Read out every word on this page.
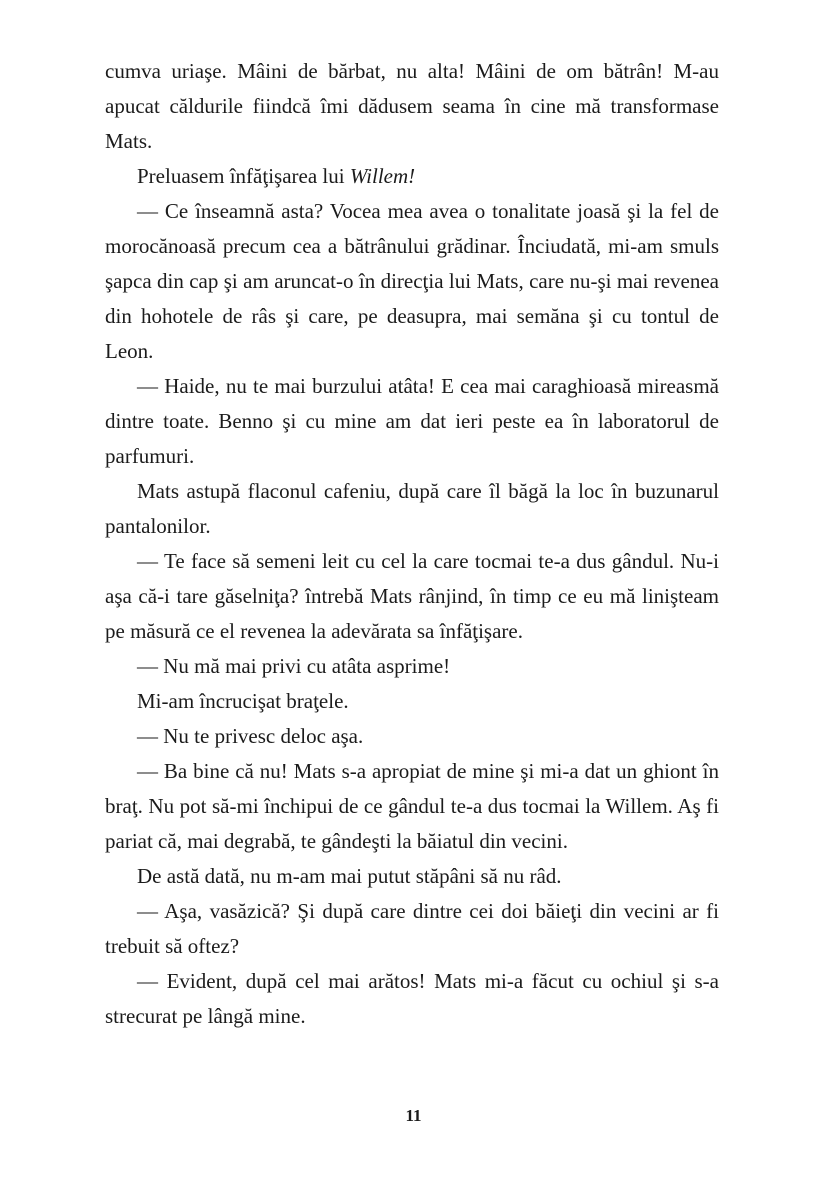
cumva uriaşe. Mâini de bărbat, nu alta! Mâini de om bătrân! M-au apucat căldurile fiindcă îmi dădusem seama în cine mă transformase Mats.

Preluasem înfăţişarea lui Willem!

— Ce înseamnă asta? Vocea mea avea o tonalitate joasă şi la fel de morocănoasă precum cea a bătrânului grădinar. Înciudată, mi-am smuls şapca din cap şi am aruncat-o în direcţia lui Mats, care nu-şi mai revenea din hohotele de râs şi care, pe deasupra, mai semăna şi cu tontul de Leon.

— Haide, nu te mai burzului atâta! E cea mai caraghioasă mireasmă dintre toate. Benno şi cu mine am dat ieri peste ea în laboratorul de parfumuri.

Mats astupă flaconul cafeniu, după care îl băgă la loc în buzunarul pantalonilor.

— Te face să semeni leit cu cel la care tocmai te-a dus gândul. Nu-i aşa că-i tare găselniţa? întrebă Mats rânjind, în timp ce eu mă linişteam pe măsură ce el revenea la adevărata sa înfăţişare.

— Nu mă mai privi cu atâta asprime!

Mi-am încrucişat braţele.

— Nu te privesc deloc aşa.

— Ba bine că nu! Mats s-a apropiat de mine şi mi-a dat un ghiont în braţ. Nu pot să-mi închipui de ce gândul te-a dus tocmai la Willem. Aş fi pariat că, mai degrabă, te gândeşti la băiatul din vecini.

De astă dată, nu m-am mai putut stăpâni să nu râd.

— Aşa, vasăzică? Şi după care dintre cei doi băieţi din vecini ar fi trebuit să oftez?

— Evident, după cel mai arătos! Mats mi-a făcut cu ochiul şi s-a strecurat pe lângă mine.

11
